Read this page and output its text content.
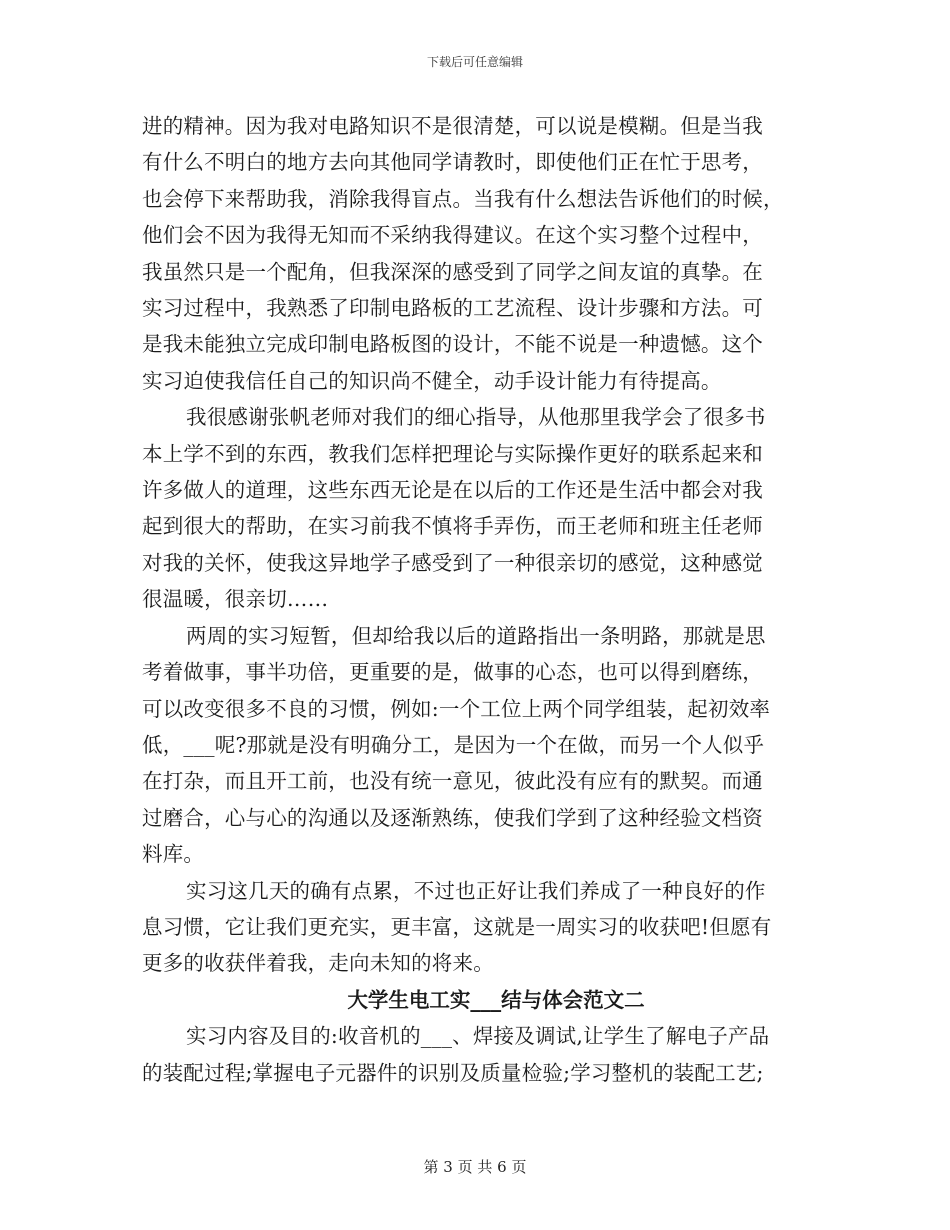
下载后可任意编辑

进的精神。因为我对电路知识不是很清楚，可以说是模糊。但是当我
有什么不明白的地方去向其他同学请教时，即使他们正在忙于思考，
也会停下来帮助我，消除我得盲点。当我有什么想法告诉他们的时候，
他们会不因为我得无知而不采纳我得建议。在这个实习整个过程中，
我虽然只是一个配角，但我深深的感受到了同学之间友谊的真挚。在
实习过程中，我熟悉了印制电路板的工艺流程、设计步骤和方法。可
是我未能独立完成印制电路板图的设计，不能不说是一种遗憾。这个
实习迫使我信任自己的知识尚不健全，动手设计能力有待提高。

我很感谢张帆老师对我们的细心指导，从他那里我学会了很多书
本上学不到的东西，教我们怎样把理论与实际操作更好的联系起来和
许多做人的道理，这些东西无论是在以后的工作还是生活中都会对我
起到很大的帮助，在实习前我不慎将手弄伤，而王老师和班主任老师
对我的关怀，使我这异地学子感受到了一种很亲切的感觉，这种感觉
很温暖，很亲切……

两周的实习短暂，但却给我以后的道路指出一条明路，那就是思
考着做事，事半功倍，更重要的是，做事的心态，也可以得到磨练，
可以改变很多不良的习惯，例如:一个工位上两个同学组装，起初效率
低，___呢?那就是没有明确分工，是因为一个在做，而另一个人似乎
在打杂，而且开工前，也没有统一意见，彼此没有应有的默契。而通
过磨合，心与心的沟通以及逐渐熟练，使我们学到了这种经验文档资
料库。

实习这几天的确有点累，不过也正好让我们养成了一种良好的作
息习惯，它让我们更充实，更丰富，这就是一周实习的收获吧!但愿有
更多的收获伴着我，走向未知的将来。

大学生电工实___结与体会范文二

实习内容及目的:收音机的___、焊接及调试,让学生了解电子产品
的装配过程;掌握电子元器件的识别及质量检验;学习整机的装配工艺;

第 3 页 共 6 页
